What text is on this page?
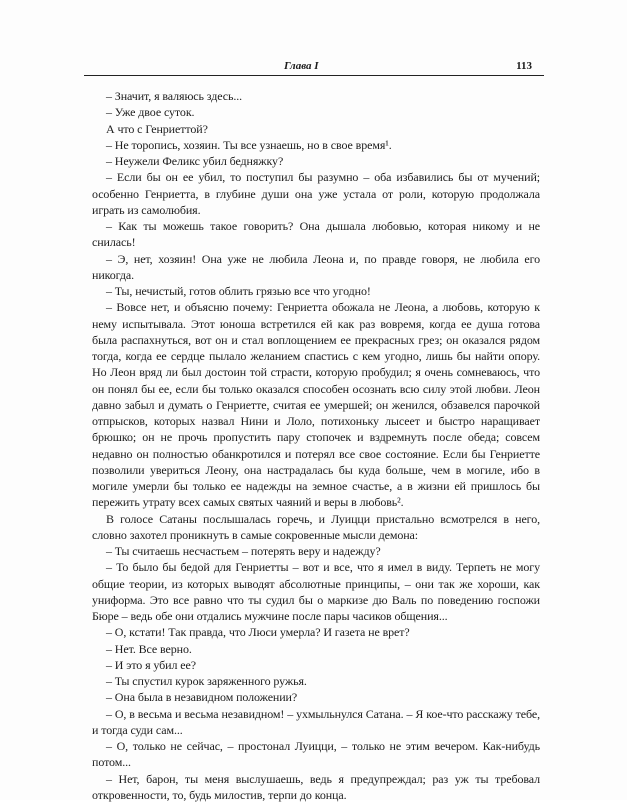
Глава I	113

– Значит, я валяюсь здесь...

– Уже двое суток.

А что с Генриеттой?

– Не торопись, хозяин. Ты все узнаешь, но в свое время¹.

– Неужели Феликс убил бедняжку?

– Если бы он ее убил, то поступил бы разумно – оба избавились бы от мучений; особенно Генриетта, в глубине души она уже устала от роли, которую продолжала играть из самолюбия.

– Как ты можешь такое говорить? Она дышала любовью, которая никому и не снилась!

– Э, нет, хозяин! Она уже не любила Леона и, по правде говоря, не любила его никогда.

– Ты, нечистый, готов облить грязью все что угодно!

– Вовсе нет, и объясню почему: Генриетта обожала не Леона, а любовь, которую к нему испытывала. Этот юноша встретился ей как раз вовремя, когда ее душа готова была распахнуться, вот он и стал воплощением ее прекрасных грез; он оказался рядом тогда, когда ее сердце пылало желанием спастись с кем угодно, лишь бы найти опору. Но Леон вряд ли был достоин той страсти, которую пробудил; я очень сомневаюсь, что он понял бы ее, если бы только оказался способен осознать всю силу этой любви. Леон давно забыл и думать о Генриетте, считая ее умершей; он женился, обзавелся парочкой отпрысков, которых назвал Нини и Лоло, потихоньку лысеет и быстро наращивает брюшко; он не прочь пропустить пару стопочек и вздремнуть после обеда; совсем недавно он полностью обанкротился и потерял все свое состояние. Если бы Генриетте позволили увериться Леону, она настрадалась бы куда больше, чем в могиле, ибо в могиле умерли бы только ее надежды на земное счастье, а в жизни ей пришлось бы пережить утрату всех самых святых чаяний и веры в любовь².

В голосе Сатаны послышалась горечь, и Луицци пристально всмотрелся в него, словно захотел проникнуть в самые сокровенные мысли демона:

– Ты считаешь несчастьем – потерять веру и надежду?

– То было бы бедой для Генриетты – вот и все, что я имел в виду. Терпеть не могу общие теории, из которых выводят абсолютные принципы, – они так же хороши, как униформа. Это все равно что ты судил бы о маркизе дю Валь по поведению госпожи Бюре – ведь обе они отдались мужчине после пары часиков общения...

– О, кстати! Так правда, что Люси умерла? И газета не врет?

– Нет. Все верно.

– И это я убил ее?

– Ты спустил курок заряженного ружья.

– Она была в незавидном положении?

– О, в весьма и весьма незавидном! – ухмыльнулся Сатана. – Я кое-что расскажу тебе, и тогда суди сам...

– О, только не сейчас, – простонал Луицци, – только не этим вечером. Как-нибудь потом...

– Нет, барон, ты меня выслушаешь, ведь я предупреждал; раз уж ты требовал откровенности, то, будь милостив, терпи до конца.
